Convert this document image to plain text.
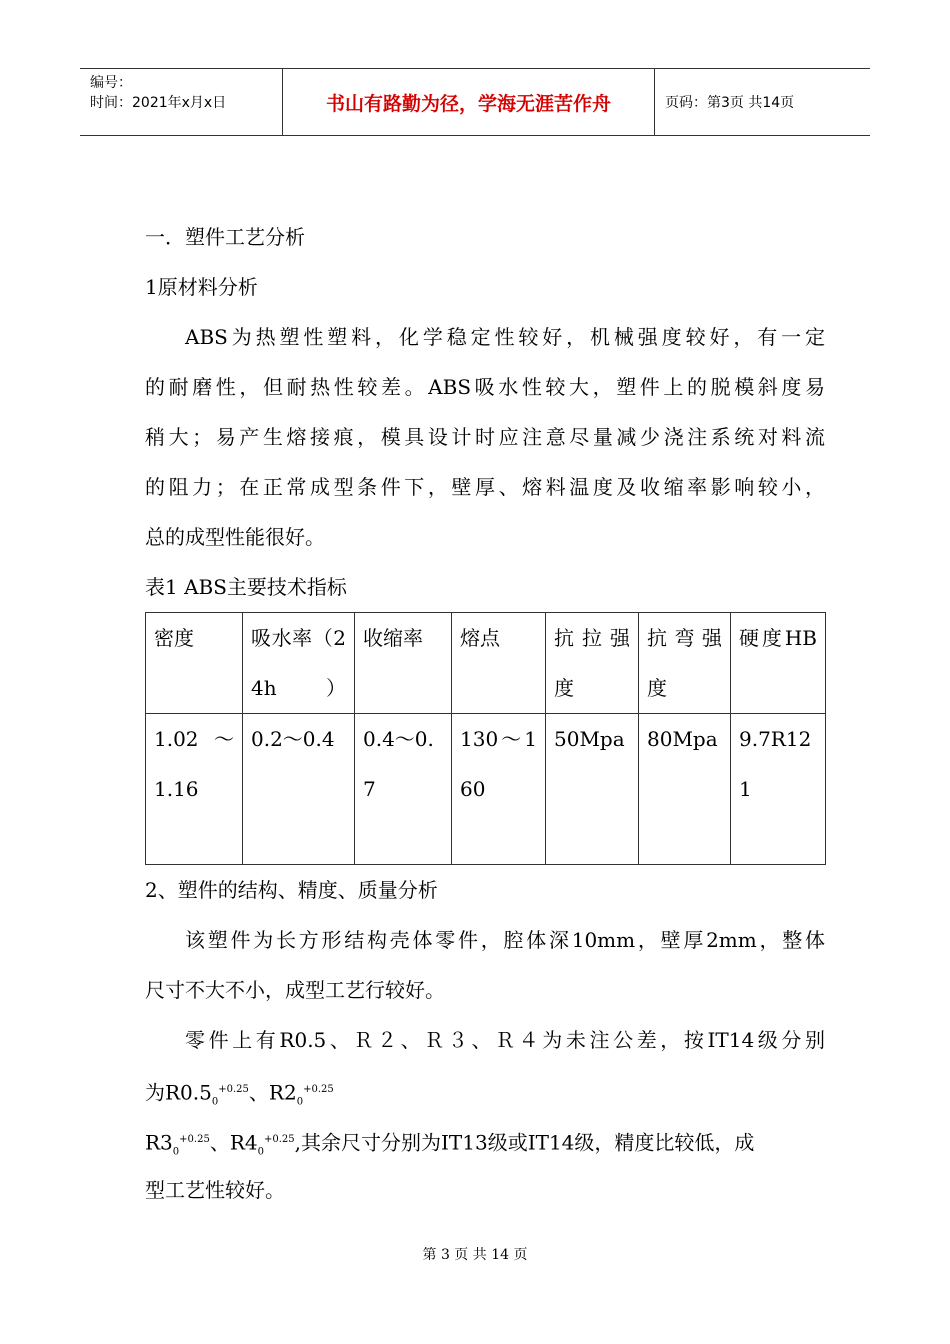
编号：
时间：2021年x月x日	书山有路勤为径，学海无涯苦作舟	页码：第3页 共14页
一．塑件工艺分析
1原材料分析
ABS为热塑性塑料，化学稳定性较好，机械强度较好，有一定
的耐磨性，但耐热性较差。ABS吸水性较大，塑件上的脱模斜度易
稍大；易产生熔接痕，模具设计时应注意尽量减少浇注系统对料流
的阻力；在正常成型条件下，壁厚、熔料温度及收缩率影响较小，
总的成型性能很好。
表1 ABS主要技术指标
密度	吸水率（24h）	收缩率	熔点	抗拉强度	抗弯强度	硬度HB
1.02～1.16	0.2～0.4	0.4～0.7	130～160	50Mpa	80Mpa	9.7R121
2、塑件的结构、精度、质量分析
该塑件为长方形结构壳体零件，腔体深10mm，壁厚2mm，整体
尺寸不大不小，成型工艺行较好。
零件上有R0.5、Ｒ２、Ｒ３、Ｒ４为未注公差，按IT14级分别
为$R0.5_0^{+0.25}$、$R2_0^{+0.25}$
$R3_0^{+0.25}$、$R4_0^{+0.25}$,其余尺寸分别为IT13级或IT14级，精度比较低，成
型工艺性较好。
第 3 页 共 14 页
